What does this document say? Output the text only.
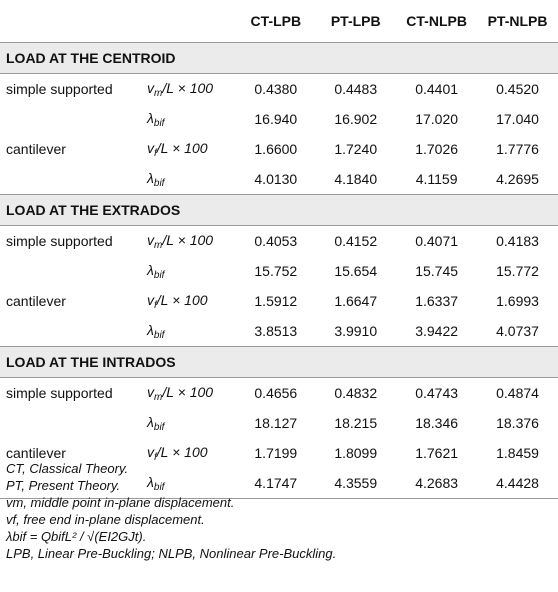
		CT-LPB	PT-LPB	CT-NLPB	PT-NLPB
LOAD AT THE CENTROID					
simple supported	$v_m/L \times 100$	0.4380	0.4483	0.4401	0.4520
	$\lambda_{bif}$	16.940	16.902	17.020	17.040
cantilever	$v_f/L \times 100$	1.6600	1.7240	1.7026	1.7776
	$\lambda_{bif}$	4.0130	4.1840	4.1159	4.2695
LOAD AT THE EXTRADOS					
simple supported	$v_m/L \times 100$	0.4053	0.4152	0.4071	0.4183
	$\lambda_{bif}$	15.752	15.654	15.745	15.772
cantilever	$v_f/L \times 100$	1.5912	1.6647	1.6337	1.6993
	$\lambda_{bif}$	3.8513	3.9910	3.9422	4.0737
LOAD AT THE INTRADOS					
simple supported	$v_m/L \times 100$	0.4656	0.4832	0.4743	0.4874
	$\lambda_{bif}$	18.127	18.215	18.346	18.376
cantilever	$v_f/L \times 100$	1.7199	1.8099	1.7621	1.8459
	$\lambda_{bif}$	4.1747	4.3559	4.2683	4.4428
CT, Classical Theory.
PT, Present Theory.
vm, middle point in-plane displacement.
vf, free end in-plane displacement.
λbif = QbifL² / √(EI2GJt).
LPB, Linear Pre-Buckling; NLPB, Nonlinear Pre-Buckling.
